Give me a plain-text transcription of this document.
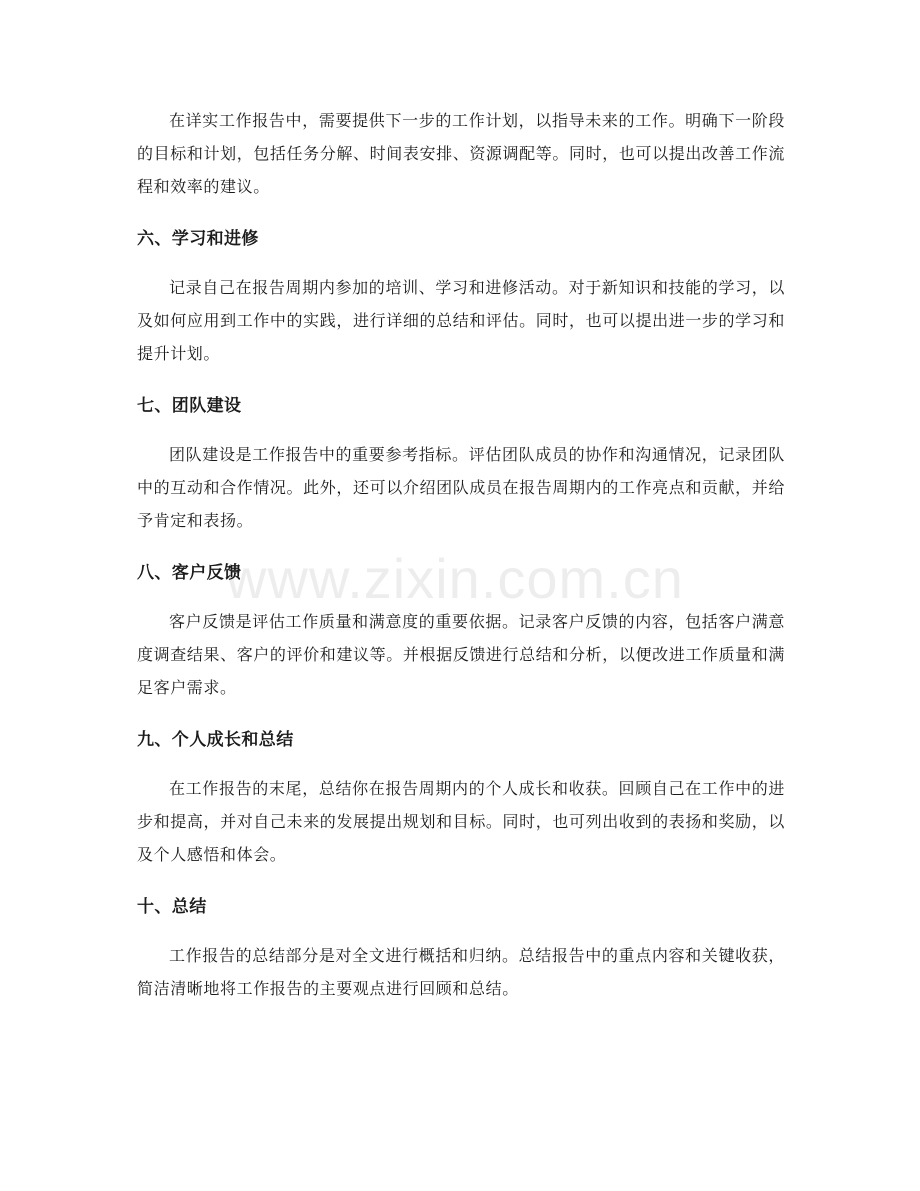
在详实工作报告中，需要提供下一步的工作计划，以指导未来的工作。明确下一阶段的目标和计划，包括任务分解、时间表安排、资源调配等。同时，也可以提出改善工作流程和效率的建议。

六、学习和进修

记录自己在报告周期内参加的培训、学习和进修活动。对于新知识和技能的学习，以及如何应用到工作中的实践，进行详细的总结和评估。同时，也可以提出进一步的学习和提升计划。

七、团队建设

团队建设是工作报告中的重要参考指标。评估团队成员的协作和沟通情况，记录团队中的互动和合作情况。此外，还可以介绍团队成员在报告周期内的工作亮点和贡献，并给予肯定和表扬。

八、客户反馈

客户反馈是评估工作质量和满意度的重要依据。记录客户反馈的内容，包括客户满意度调查结果、客户的评价和建议等。并根据反馈进行总结和分析，以便改进工作质量和满足客户需求。

九、个人成长和总结

在工作报告的末尾，总结你在报告周期内的个人成长和收获。回顾自己在工作中的进步和提高，并对自己未来的发展提出规划和目标。同时，也可列出收到的表扬和奖励，以及个人感悟和体会。

十、总结

工作报告的总结部分是对全文进行概括和归纳。总结报告中的重点内容和关键收获，简洁清晰地将工作报告的主要观点进行回顾和总结。

www.zixin.com.cn
